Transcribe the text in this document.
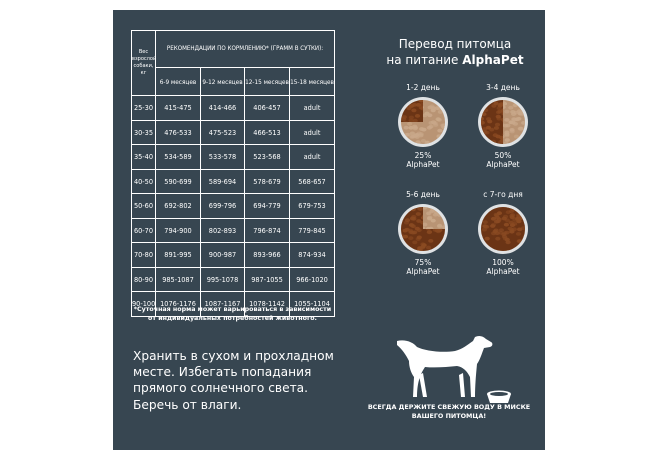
Вес взрослой собаки, кг	РЕКОМЕНДАЦИИ ПО КОРМЛЕНИЮ* (ГРАММ В СУТКИ):			
	6-9 месяцев	9-12 месяцев	12-15 месяцев	15-18 месяцев
25-30	415-475	414-466	406-457	adult
30-35	476-533	475-523	466-513	adult
35-40	534-589	533-578	523-568	adult
40-50	590-699	589-694	578-679	568-657
50-60	692-802	699-796	694-779	679-753
60-70	794-900	802-893	796-874	779-845
70-80	891-995	900-987	893-966	874-934
80-90	985-1087	995-1078	987-1055	966-1020
90-100	1076-1176	1087-1167	1078-1142	1055-1104
*Суточная норма может варьироваться в зависимости от индивидуальных потребностей животного.
Хранить в сухом и прохладном месте. Избегать попадания прямого солнечного света. Беречь от влаги.
Перевод питомца
на питание AlphaPet
1-2 день
25%
AlphaPet
3-4 день
50%
AlphaPet
5-6 день
75%
AlphaPet
с 7-го дня
100%
AlphaPet
ВСЕГДА ДЕРЖИТЕ СВЕЖУЮ ВОДУ В МИСКЕ ВАШЕГО ПИТОМЦА!
